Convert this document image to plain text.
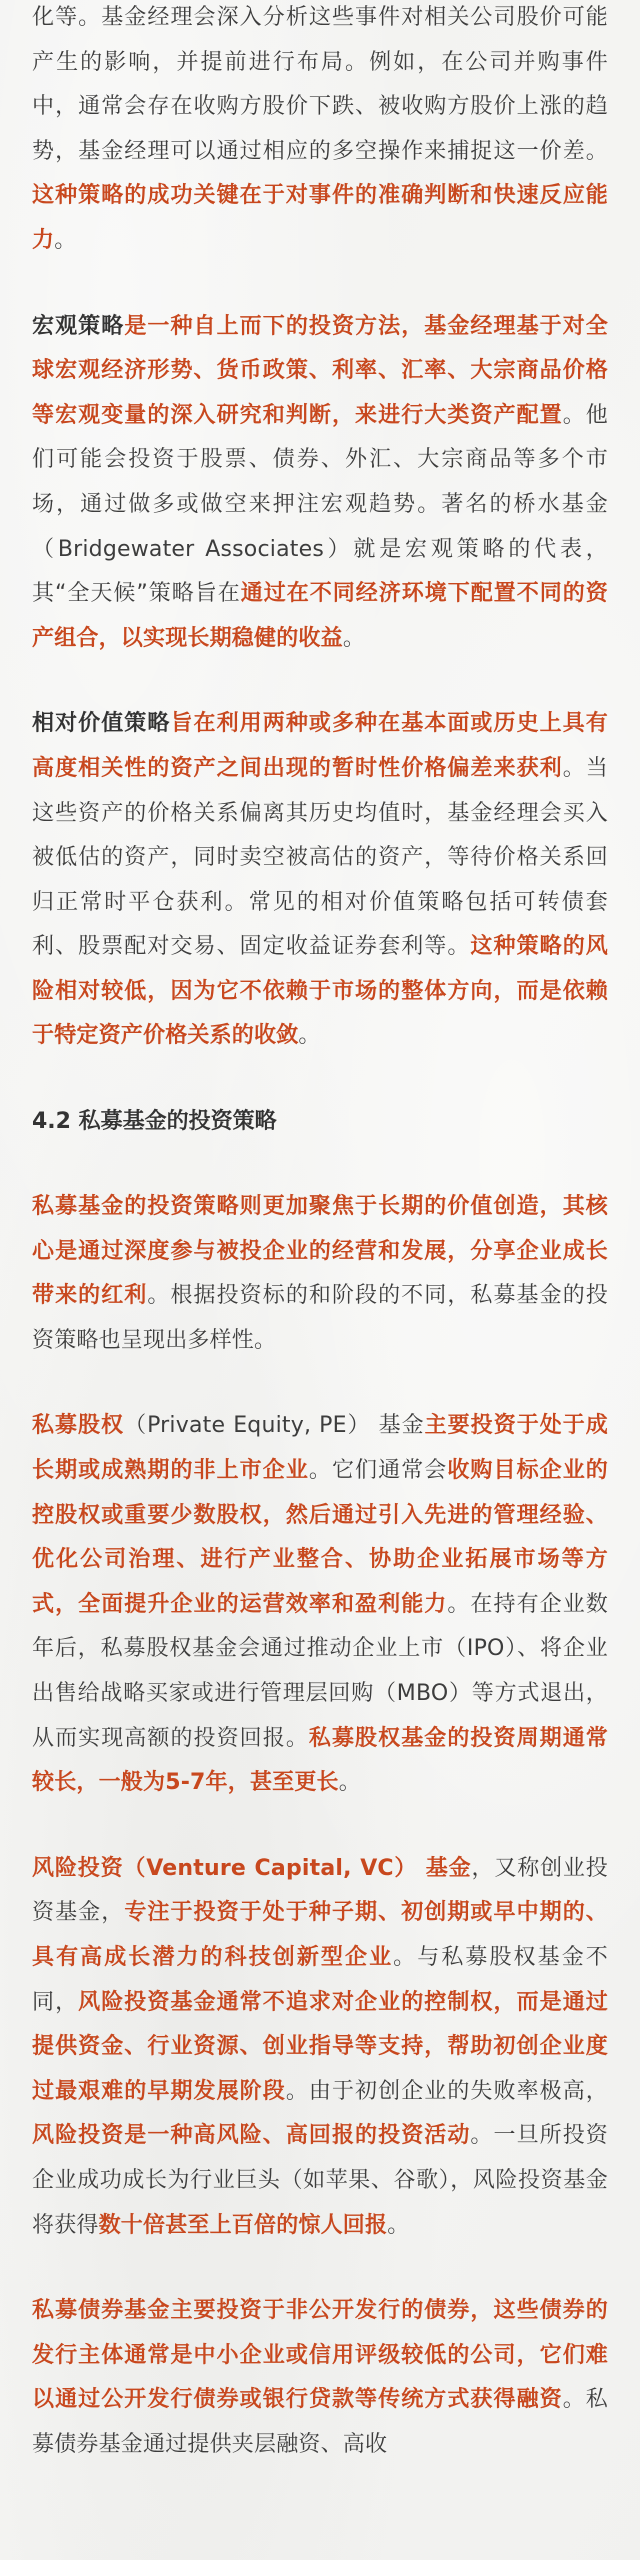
化等。基金经理会深入分析这些事件对相关公司股价可能产生的影响，并提前进行布局。例如，在公司并购事件中，通常会存在收购方股价下跌、被收购方股价上涨的趋势，基金经理可以通过相应的多空操作来捕捉这一价差。这种策略的成功关键在于对事件的准确判断和快速反应能力。
宏观策略是一种自上而下的投资方法，基金经理基于对全球宏观经济形势、货币政策、利率、汇率、大宗商品价格等宏观变量的深入研究和判断，来进行大类资产配置。他们可能会投资于股票、债券、外汇、大宗商品等多个市场，通过做多或做空来押注宏观趋势。著名的桥水基金（Bridgewater Associates）就是宏观策略的代表，其“全天候”策略旨在通过在不同经济环境下配置不同的资产组合，以实现长期稳健的收益。
相对价值策略旨在利用两种或多种在基本面或历史上具有高度相关性的资产之间出现的暂时性价格偏差来获利。当这些资产的价格关系偏离其历史均值时，基金经理会买入被低估的资产，同时卖空被高估的资产，等待价格关系回归正常时平仓获利。常见的相对价值策略包括可转债套利、股票配对交易、固定收益证券套利等。这种策略的风险相对较低，因为它不依赖于市场的整体方向，而是依赖于特定资产价格关系的收敛。
4.2 私募基金的投资策略
私募基金的投资策略则更加聚焦于长期的价值创造，其核心是通过深度参与被投企业的经营和发展，分享企业成长带来的红利。根据投资标的和阶段的不同，私募基金的投资策略也呈现出多样性。
私募股权（Private Equity, PE） 基金主要投资于处于成长期或成熟期的非上市企业。它们通常会收购目标企业的控股权或重要少数股权，然后通过引入先进的管理经验、优化公司治理、进行产业整合、协助企业拓展市场等方式，全面提升企业的运营效率和盈利能力。在持有企业数年后，私募股权基金会通过推动企业上市（IPO）、将企业出售给战略买家或进行管理层回购（MBO）等方式退出，从而实现高额的投资回报。私募股权基金的投资周期通常较长，一般为5-7年，甚至更长。
风险投资（Venture Capital, VC） 基金，又称创业投资基金，专注于投资于处于种子期、初创期或早中期的、具有高成长潜力的科技创新型企业。与私募股权基金不同，风险投资基金通常不追求对企业的控制权，而是通过提供资金、行业资源、创业指导等支持，帮助初创企业度过最艰难的早期发展阶段。由于初创企业的失败率极高，风险投资是一种高风险、高回报的投资活动。一旦所投资企业成功成长为行业巨头（如苹果、谷歌），风险投资基金将获得数十倍甚至上百倍的惊人回报。
私募债券基金主要投资于非公开发行的债券，这些债券的发行主体通常是中小企业或信用评级较低的公司，它们难以通过公开发行债券或银行贷款等传统方式获得融资。私募债券基金通过提供夹层融资、高收
